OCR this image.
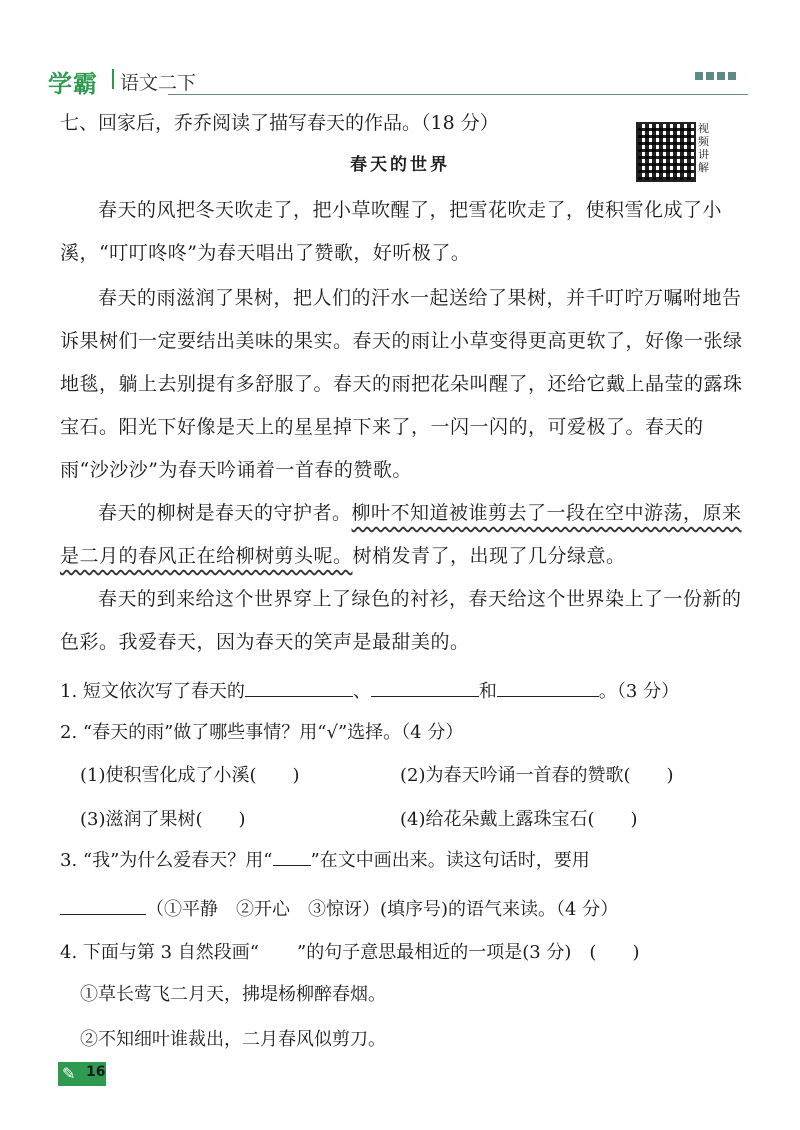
学霸 语文二下
七、回家后，乔乔阅读了描写春天的作品。（18 分）	视频讲解
春天的世界
春天的风把冬天吹走了，把小草吹醒了，把雪花吹走了，使积雪化成了小溪，“叮叮咚咚”为春天唱出了赞歌，好听极了。
春天的雨滋润了果树，把人们的汗水一起送给了果树，并千叮咛万嘱咐地告诉果树们一定要结出美味的果实。春天的雨让小草变得更高更软了，好像一张绿地毯，躺上去别提有多舒服了。春天的雨把花朵叫醒了，还给它戴上晶莹的露珠宝石。阳光下好像是天上的星星掉下来了，一闪一闪的，可爱极了。春天的雨“沙沙沙”为春天吟诵着一首春的赞歌。
春天的柳树是春天的守护者。柳叶不知道被谁剪去了一段在空中游荡，原来是二月的春风正在给柳树剪头呢。树梢发青了，出现了几分绿意。
春天的到来给这个世界穿上了绿色的衬衫，春天给这个世界染上了一份新的色彩。我爱春天，因为春天的笑声是最甜美的。
1. 短文依次写了春天的	、	和	。（3 分）
2. “春天的雨”做了哪些事情？用“√”选择。（4 分）
(1)使积雪化成了小溪(　　)	(2)为春天吟诵一首春的赞歌(　　)
(3)滋润了果树(　　)	(4)给花朵戴上露珠宝石(　　)
3. “我”为什么爱春天？用“ ”在文中画出来。读这句话时，要用
（①平静　②开心　③惊讶）(填序号)的语气来读。（4 分）
4. 下面与第 3 自然段画“ ”的句子意思最相近的一项是(3 分)　(　　)
①草长莺飞二月天，拂堤杨柳醉春烟。
②不知细叶谁裁出，二月春风似剪刀。
✎ 16
